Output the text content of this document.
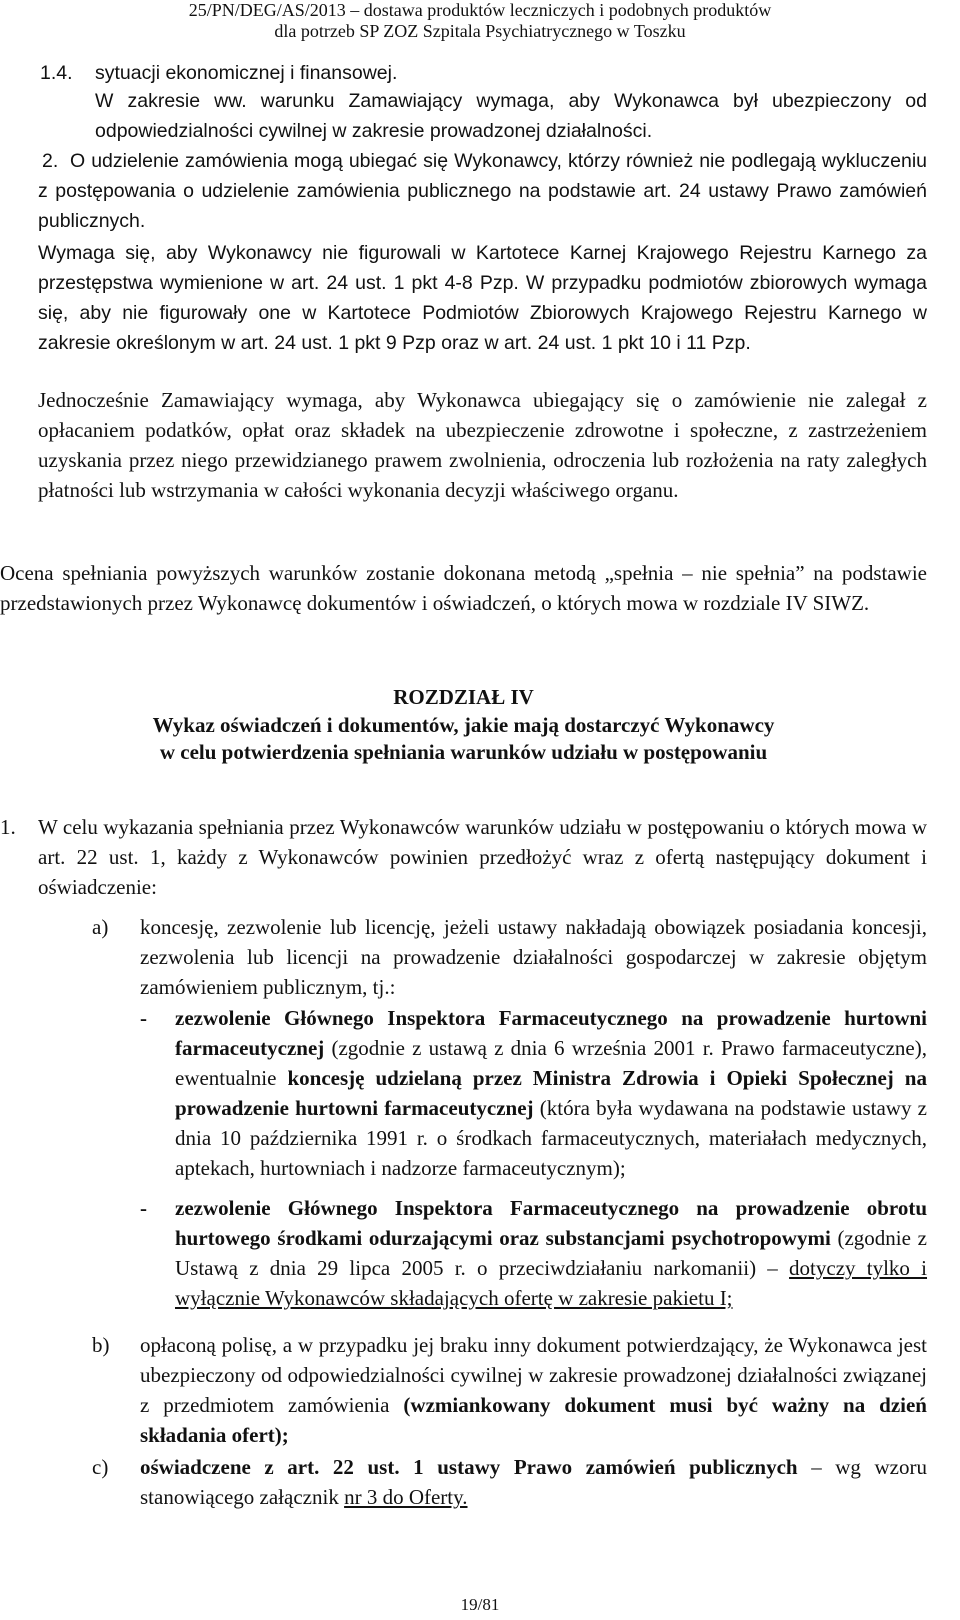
25/PN/DEG/AS/2013 – dostawa produktów leczniczych i podobnych produktów
dla potrzeb SP ZOZ Szpitala Psychiatrycznego w Toszku
1.4. sytuacji ekonomicznej i finansowej.
W zakresie ww. warunku Zamawiający wymaga, aby Wykonawca był ubezpieczony od odpowiedzialności cywilnej w zakresie prowadzonej działalności.
2. O udzielenie zamówienia mogą ubiegać się Wykonawcy, którzy również nie podlegają wykluczeniu z postępowania o udzielenie zamówienia publicznego na podstawie art. 24 ustawy Prawo zamówień publicznych.
Wymaga się, aby Wykonawcy nie figurowali w Kartotece Karnej Krajowego Rejestru Karnego za przestępstwa wymienione w art. 24 ust. 1 pkt 4-8 Pzp. W przypadku podmiotów zbiorowych wymaga się, aby nie figurowały one w Kartotece Podmiotów Zbiorowych Krajowego Rejestru Karnego w zakresie określonym w art. 24 ust. 1 pkt 9 Pzp oraz w art. 24 ust. 1 pkt 10 i 11 Pzp.
Jednocześnie Zamawiający wymaga, aby Wykonawca ubiegający się o zamówienie nie zalegał z opłacaniem podatków, opłat oraz składek na ubezpieczenie zdrowotne i społeczne, z zastrzeżeniem uzyskania przez niego przewidzianego prawem zwolnienia, odroczenia lub rozłożenia na raty zaległych płatności lub wstrzymania w całości wykonania decyzji właściwego organu.
Ocena spełniania powyższych warunków zostanie dokonana metodą „spełnia – nie spełnia” na podstawie przedstawionych przez Wykonawcę dokumentów i oświadczeń, o których mowa w rozdziale IV SIWZ.
ROZDZIAŁ IV
Wykaz oświadczeń i dokumentów, jakie mają dostarczyć Wykonawcy
w celu potwierdzenia spełniania warunków udziału w postępowaniu
1. W celu wykazania spełniania przez Wykonawców warunków udziału w postępowaniu o których mowa w art. 22 ust. 1, każdy z Wykonawców powinien przedłożyć wraz z ofertą następujący dokument i oświadczenie:
a) koncesję, zezwolenie lub licencję, jeżeli ustawy nakładają obowiązek posiadania koncesji, zezwolenia lub licencji na prowadzenie działalności gospodarczej w zakresie objętym zamówieniem publicznym, tj.:
- zezwolenie Głównego Inspektora Farmaceutycznego na prowadzenie hurtowni farmaceutycznej (zgodnie z ustawą z dnia 6 września 2001 r. Prawo farmaceutyczne), ewentualnie koncesję udzielaną przez Ministra Zdrowia i Opieki Społecznej na prowadzenie hurtowni farmaceutycznej (która była wydawana na podstawie ustawy z dnia 10 października 1991 r. o środkach farmaceutycznych, materiałach medycznych, aptekach, hurtowniach i nadzorze farmaceutycznym);
- zezwolenie Głównego Inspektora Farmaceutycznego na prowadzenie obrotu hurtowego środkami odurzającymi oraz substancjami psychotropowymi (zgodnie z Ustawą z dnia 29 lipca 2005 r. o przeciwdziałaniu narkomanii) – dotyczy tylko i wyłącznie Wykonawców składających ofertę w zakresie pakietu I;
b) opłaconą polisę, a w przypadku jej braku inny dokument potwierdzający, że Wykonawca jest ubezpieczony od odpowiedzialności cywilnej w zakresie prowadzonej działalności związanej z przedmiotem zamówienia (wzmiankowany dokument musi być ważny na dzień składania ofert);
c) oświadczene z art. 22 ust. 1 ustawy Prawo zamówień publicznych – wg wzoru stanowiącego załącznik nr 3 do Oferty.
19/81
